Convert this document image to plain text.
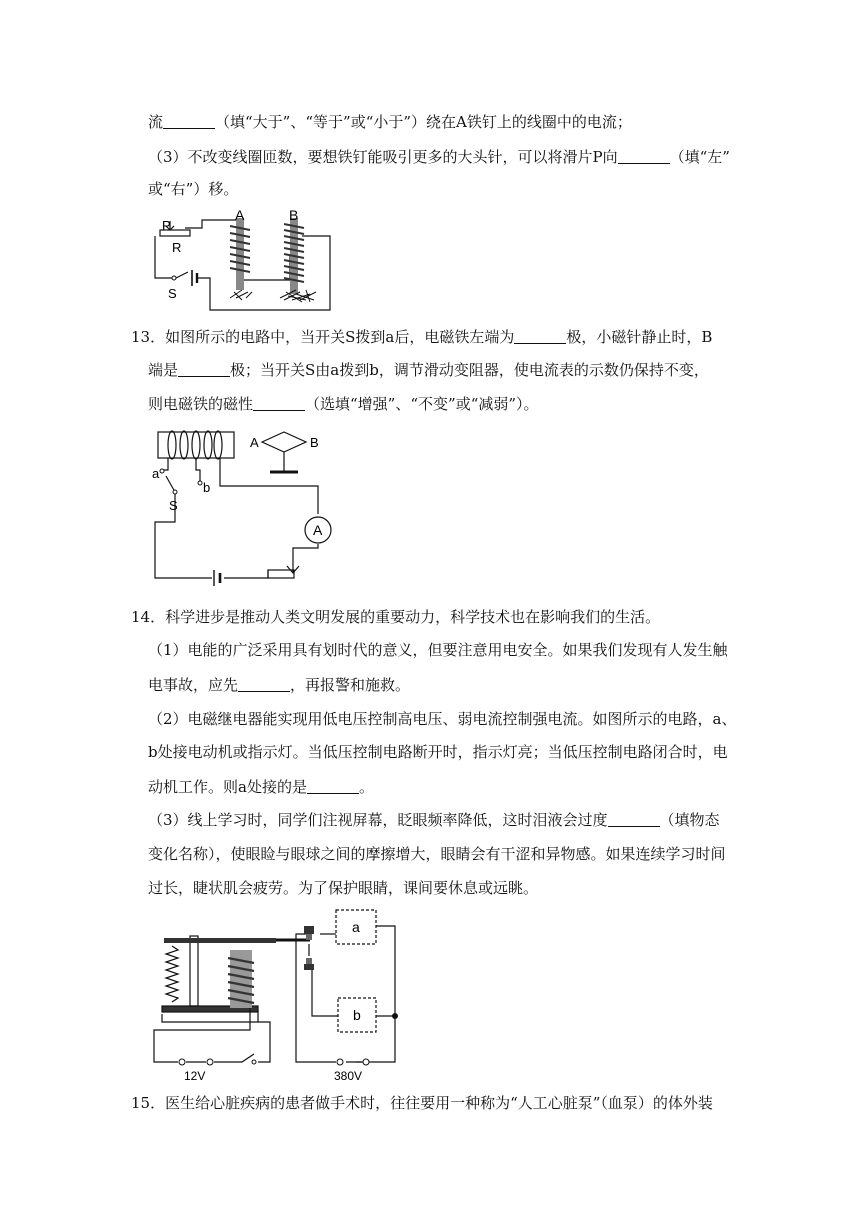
流	（填“大于”、“等于”或“小于”）绕在A铁钉上的线圈中的电流；
（3）不改变线圈匝数，要想铁钉能吸引更多的大头针，可以将滑片P向	（填“左”
或“右”）移。
P
R
S
A	B
13．如图所示的电路中，当开关S拨到a后，电磁铁左端为	极，小磁针静止时，B
端是	极；当开关S由a拨到b，调节滑动变阻器，使电流表的示数仍保持不变，
则电磁铁的磁性	（选填“增强”、“不变”或“减弱”）。
a
b
S
A	B
A
14．科学进步是推动人类文明发展的重要动力，科学技术也在影响我们的生活。
（1）电能的广泛采用具有划时代的意义，但要注意用电安全。如果我们发现有人发生触
电事故，应先	，再报警和施救。
（2）电磁继电器能实现用低电压控制高电压、弱电流控制强电流。如图所示的电路，a、
b处接电动机或指示灯。当低压控制电路断开时，指示灯亮；当低压控制电路闭合时，电
动机工作。则a处接的是	。
（3）线上学习时，同学们注视屏幕，眨眼频率降低，这时泪液会过度	（填物态
变化名称），使眼睑与眼球之间的摩擦增大，眼睛会有干涩和异物感。如果连续学习时间
过长，睫状肌会疲劳。为了保护眼睛，课间要休息或远眺。
a
b
12V	380V
15．医生给心脏疾病的患者做手术时，往往要用一种称为“人工心脏泵”（血泵）的体外装
